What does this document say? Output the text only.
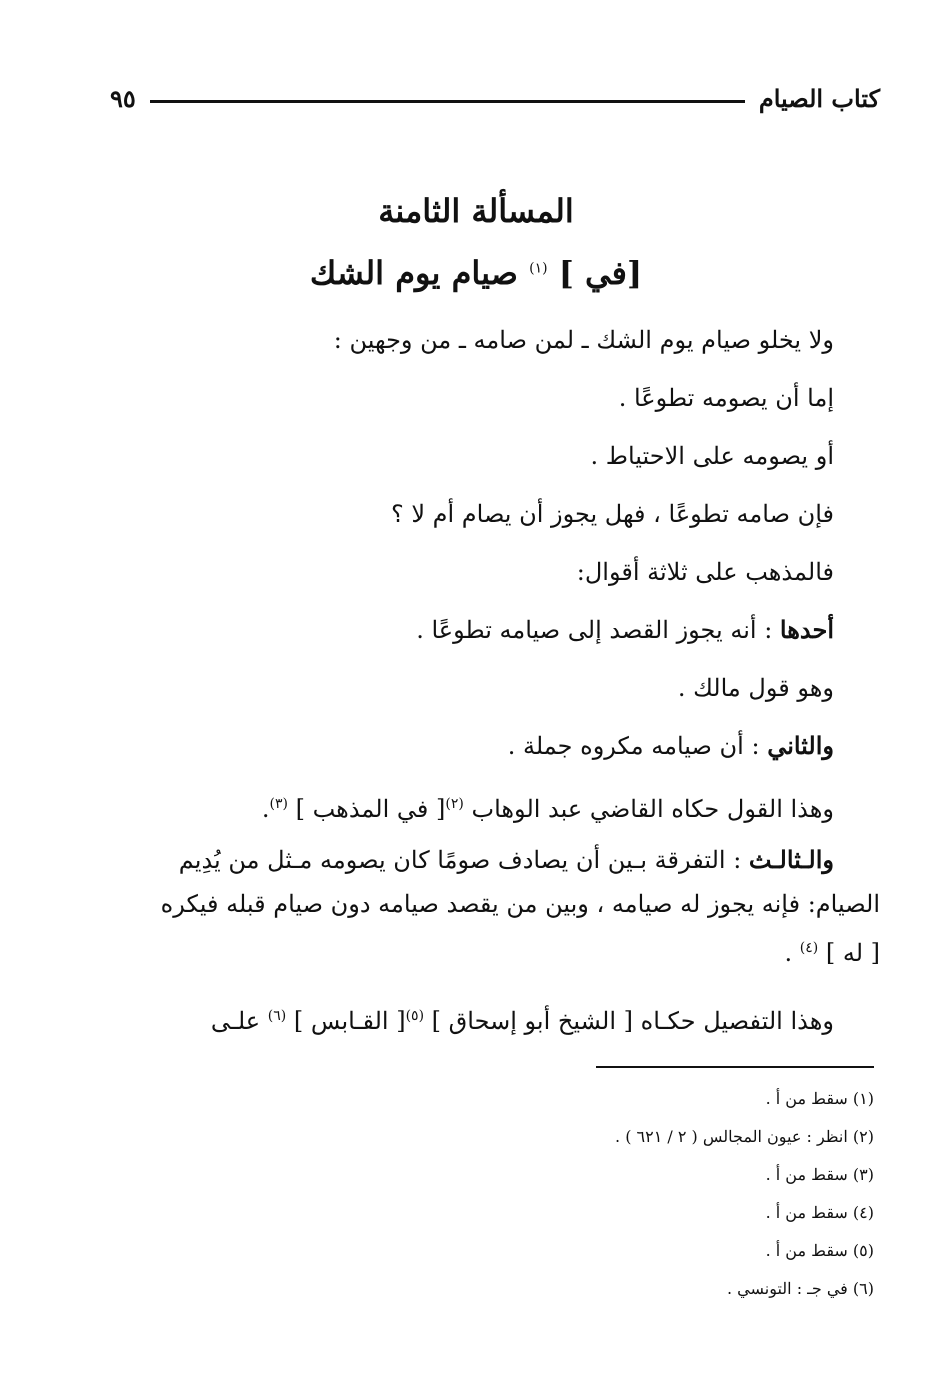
كتاب الصيام
٩٥
المسألة الثامنة
[في ] $^{(١)}$ صيام يوم الشك
ولا يخلو صيام يوم الشك ـ لمن صامه ـ من وجهين :
إما أن يصومه تطوعًا .
أو يصومه على الاحتياط .
فإن صامه تطوعًا ، فهل يجوز أن يصام أم لا ؟
فالمذهب على ثلاثة أقوال:
أحدها : أنه يجوز القصد إلى صيامه تطوعًا .
وهو قول مالك .
والثاني : أن صيامه مكروه جملة .
وهذا القول حكاه القاضي عبد الوهاب $^{(٢)}$[ في المذهب ] $^{(٣)}$.
والـثالـث : التفرقة بـين أن يصادف صومًا كان يصومه مـثل من يُدِيم
الصيام: فإنه يجوز له صيامه ، وبين من يقصد صيامه دون صيام قبله فيكره
[ له ] $^{(٤)}$ .
وهذا التفصيل حكـاه [ الشيخ أبو إسحاق ] $^{(٥)}$[ القـابس ] $^{(٦)}$ علـى
(١) سقط من أ .
(٢) انظر : عيون المجالس ( ٢ / ٦٢١ ) .
(٣) سقط من أ .
(٤) سقط من أ .
(٥) سقط من أ .
(٦) في جـ : التونسي .
